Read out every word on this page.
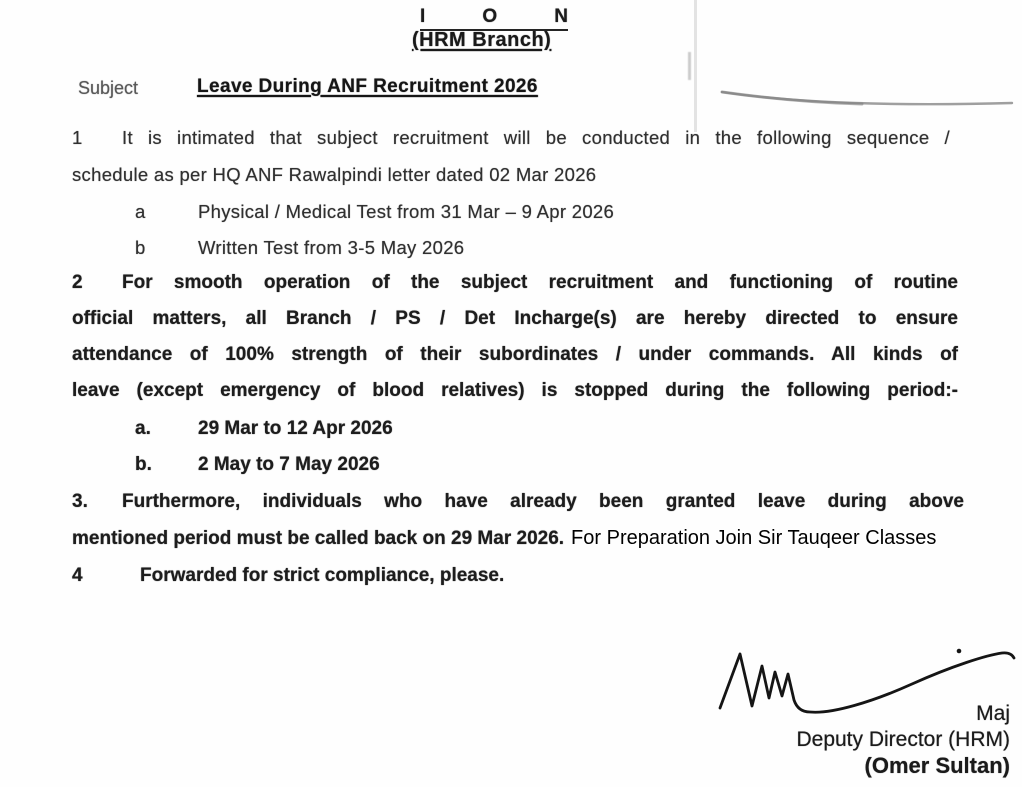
I	O	N
(HRM Branch)
Subject	Leave During ANF Recruitment 2026
1 It is intimated that subject recruitment will be conducted in the following sequence /
schedule as per HQ ANF Rawalpindi letter dated 02 Mar 2026
a	Physical / Medical Test from 31 Mar – 9 Apr 2026
b	Written Test from 3-5 May 2026
2 For smooth operation of the subject recruitment and functioning of routine
official matters, all Branch / PS / Det Incharge(s) are hereby directed to ensure
attendance of 100% strength of their subordinates / under commands. All kinds of
leave (except emergency of blood relatives) is stopped during the following period:-
a. 29 Mar to 12 Apr 2026
b. 2 May to 7 May 2026
3. Furthermore, individuals who have already been granted leave during above
mentioned period must be called back on 29 Mar 2026. For Preparation Join Sir Tauqeer Classes
4	Forwarded for strict compliance, please.
Maj
Deputy Director (HRM)
(Omer Sultan)
